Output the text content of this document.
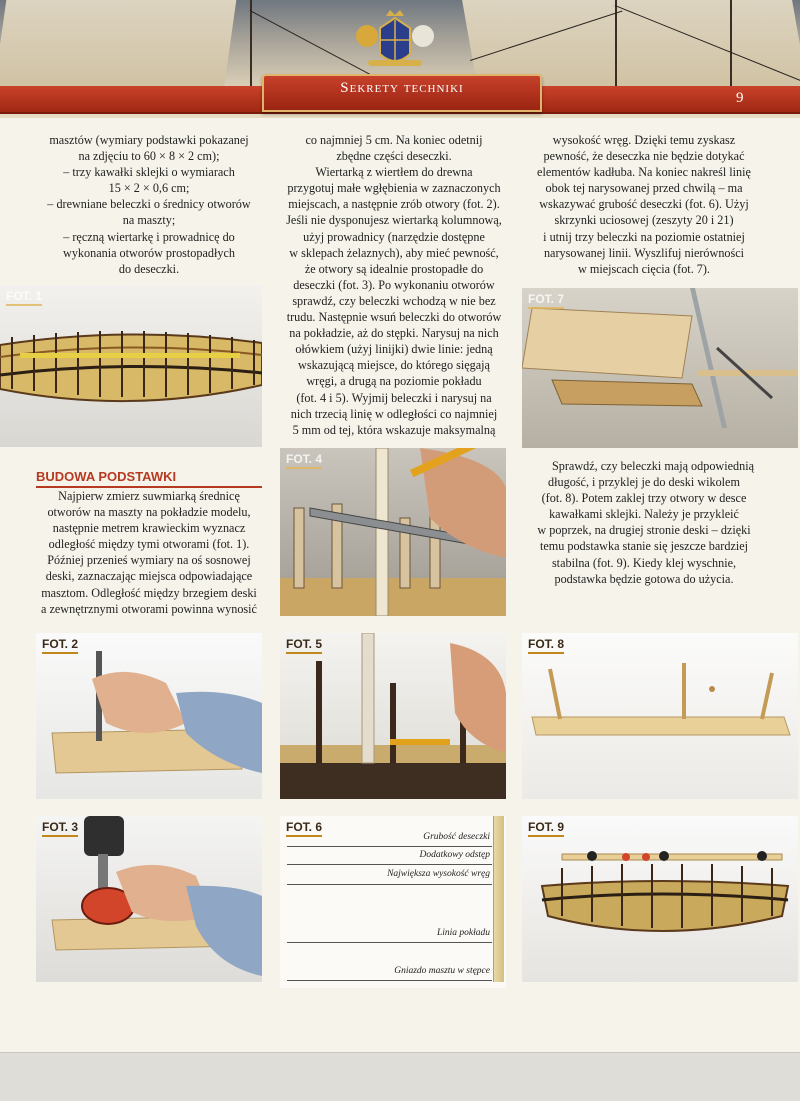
Sekrety techniki
9

masztów (wymiary podstawki pokazanej

na zdjęciu to 60 × 8 × 2 cm);

– trzy kawałki sklejki o wymiarach

15 × 2 × 0,6 cm;

– drewniane beleczki o średnicy otworów

na maszty;

– ręczną wiertarkę i prowadnicę do

wykonania otworów prostopadłych

do deseczki.

FOT. 1
BUDOWA PODSTAWKI

Najpierw zmierz suwmiarką średnicę

otworów na maszty na pokładzie modelu,

następnie metrem krawieckim wyznacz

odległość między tymi otworami (fot. 1).

Później przenieś wymiary na oś sosnowej

deski, zaznaczając miejsca odpowiadające

masztom. Odległość między brzegiem deski

a zewnętrznymi otworami powinna wynosić

co najmniej 5 cm. Na koniec odetnij

zbędne części deseczki.

Wiertarką z wiertłem do drewna

przygotuj małe wgłębienia w zaznaczonych

miejscach, a następnie zrób otwory (fot. 2).

Jeśli nie dysponujesz wiertarką kolumnową,

użyj prowadnicy (narzędzie dostępne

w sklepach żelaznych), aby mieć pewność,

że otwory są idealnie prostopadłe do

deseczki (fot. 3). Po wykonaniu otworów

sprawdź, czy beleczki wchodzą w nie bez

trudu. Następnie wsuń beleczki do otworów

na pokładzie, aż do stępki. Narysuj na nich

ołówkiem (użyj linijki) dwie linie: jedną

wskazującą miejsce, do którego sięgają

wręgi, a drugą na poziomie pokładu

(fot. 4 i 5). Wyjmij beleczki i narysuj na

nich trzecią linię w odległości co najmniej

5 mm od tej, która wskazuje maksymalną

FOT. 4

wysokość wręg. Dzięki temu zyskasz

pewność, że deseczka nie będzie dotykać

elementów kadłuba. Na koniec nakreśl linię

obok tej narysowanej przed chwilą – ma

wskazywać grubość deseczki (fot. 6). Użyj

skrzynki uciosowej (zeszyty 20 i 21)

i utnij trzy beleczki na poziomie ostatniej

narysowanej linii. Wyszlifuj nierówności

w miejscach cięcia (fot. 7).

FOT. 7

Sprawdź, czy beleczki mają odpowiednią

długość, i przyklej je do deski wikolem

(fot. 8). Potem zaklej trzy otwory w desce

kawałkami sklejki. Należy je przykleić

w poprzek, na drugiej stronie deski – dzięki

temu podstawka stanie się jeszcze bardziej

stabilna (fot. 9). Kiedy klej wyschnie,

podstawka będzie gotowa do użycia.

FOT. 2	FOT. 5	FOT. 8
FOT. 3	FOT. 6
Grubość deseczki
Dodatkowy odstęp
Największa wysokość wręg
Linia pokładu
Gniazdo masztu w stępce
FOT. 9
